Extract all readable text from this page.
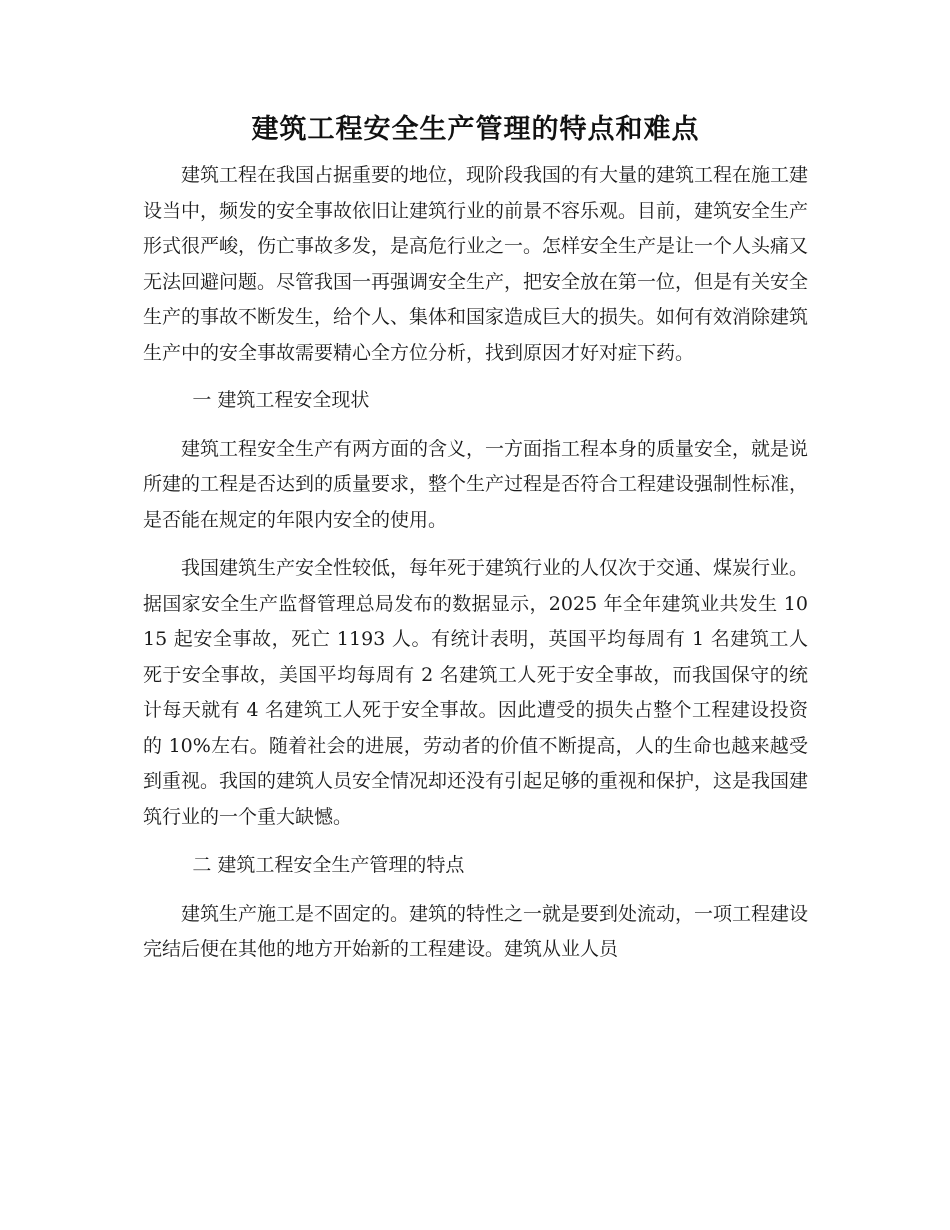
建筑工程安全生产管理的特点和难点

建筑工程在我国占据重要的地位，现阶段我国的有大量的建筑工程在施工建设当中，频发的安全事故依旧让建筑行业的前景不容乐观。目前，建筑安全生产形式很严峻，伤亡事故多发，是高危行业之一。怎样安全生产是让一个人头痛又无法回避问题。尽管我国一再强调安全生产，把安全放在第一位，但是有关安全生产的事故不断发生，给个人、集体和国家造成巨大的损失。如何有效消除建筑生产中的安全事故需要精心全方位分析，找到原因才好对症下药。

一 建筑工程安全现状

建筑工程安全生产有两方面的含义，一方面指工程本身的质量安全，就是说所建的工程是否达到的质量要求，整个生产过程是否符合工程建设强制性标准，是否能在规定的年限内安全的使用。

我国建筑生产安全性较低，每年死于建筑行业的人仅次于交通、煤炭行业。据国家安全生产监督管理总局发布的数据显示，2025 年全年建筑业共发生 1015 起安全事故，死亡 1193 人。有统计表明，英国平均每周有 1 名建筑工人死于安全事故，美国平均每周有 2 名建筑工人死于安全事故，而我国保守的统计每天就有 4 名建筑工人死于安全事故。因此遭受的损失占整个工程建设投资的 10%左右。随着社会的进展，劳动者的价值不断提高，人的生命也越来越受到重视。我国的建筑人员安全情况却还没有引起足够的重视和保护，这是我国建筑行业的一个重大缺憾。

二 建筑工程安全生产管理的特点

建筑生产施工是不固定的。建筑的特性之一就是要到处流动，一项工程建设完结后便在其他的地方开始新的工程建设。建筑从业人员
